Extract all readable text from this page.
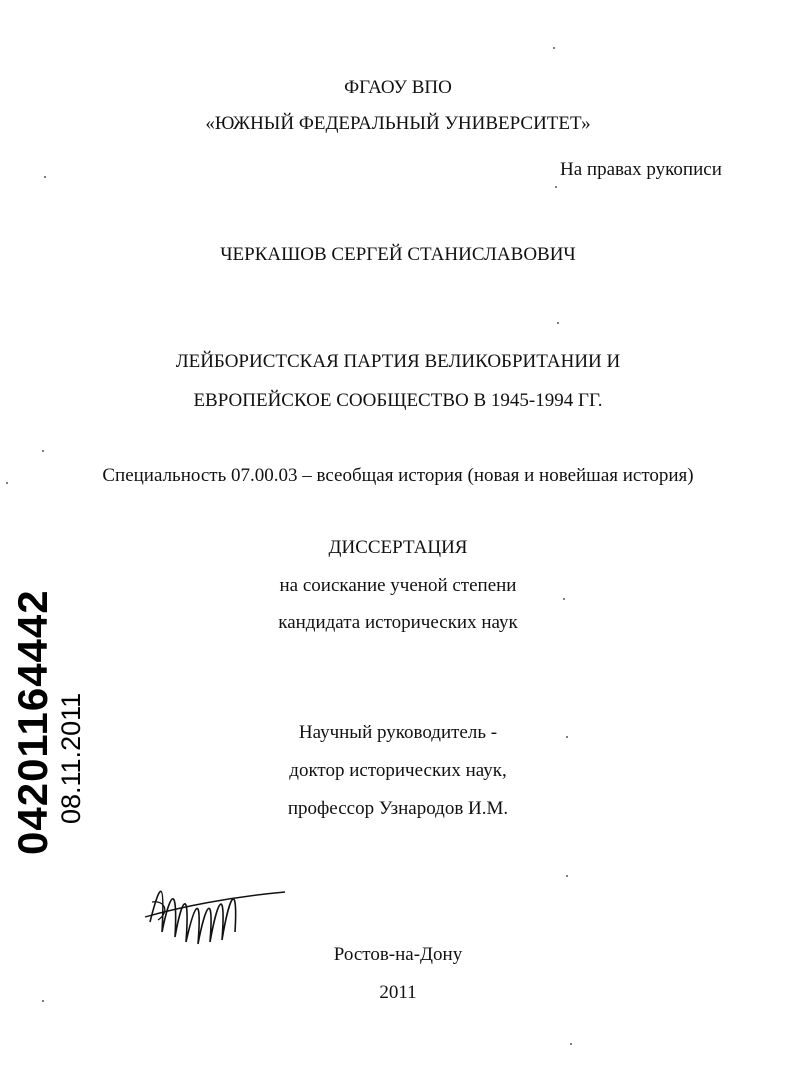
ФГАОУ ВПО
«ЮЖНЫЙ ФЕДЕРАЛЬНЫЙ УНИВЕРСИТЕТ»
На правах рукописи
ЧЕРКАШОВ СЕРГЕЙ СТАНИСЛАВОВИЧ
ЛЕЙБОРИСТСКАЯ ПАРТИЯ ВЕЛИКОБРИТАНИИ И
ЕВРОПЕЙСКОЕ СООБЩЕСТВО В 1945-1994 ГГ.
Специальность 07.00.03 – всеобщая история (новая и новейшая история)
ДИССЕРТАЦИЯ
на соискание ученой степени
кандидата исторических наук
Научный руководитель -
доктор исторических наук,
профессор Узнародов И.М.
Ростов-на-Дону
2011
04201164442 08.11.2011
